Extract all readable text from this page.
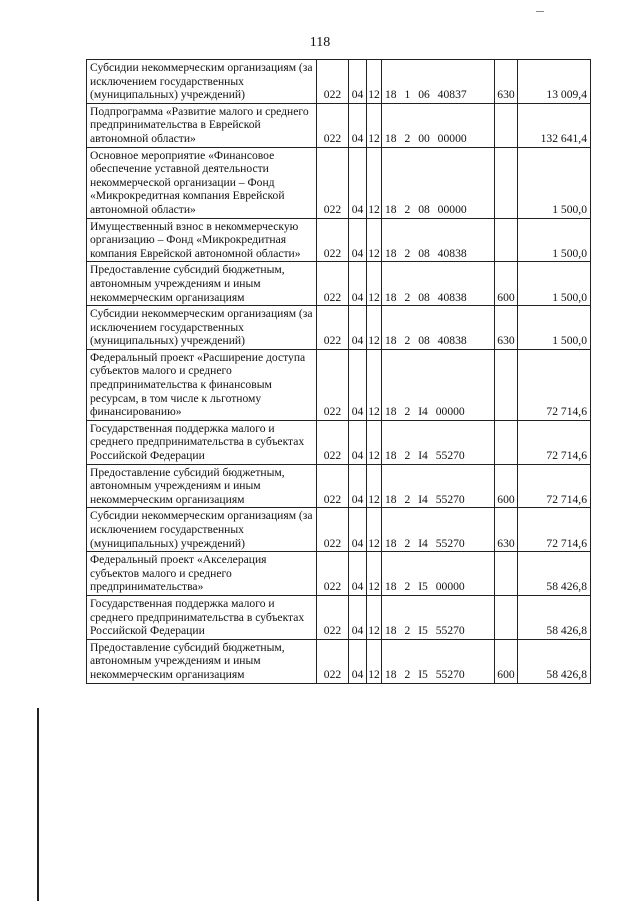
118
Субсидии некоммерческим организациям (за исключением государственных (муниципальных) учреждений)	022	04	12	18 1 06 40837	630	13 009,4
Подпрограмма «Развитие малого и среднего предпринимательства в Еврейской автономной области»	022	04	12	18 2 00 00000		132 641,4
Основное мероприятие «Финансовое обеспечение уставной деятельности некоммерческой организации – Фонд «Микрокредитная компания Еврейской автономной области»	022	04	12	18 2 08 00000		1 500,0
Имущественный взнос в некоммерческую организацию – Фонд «Микрокредитная компания Еврейской автономной области»	022	04	12	18 2 08 40838		1 500,0
Предоставление субсидий бюджетным, автономным учреждениям и иным некоммерческим организациям	022	04	12	18 2 08 40838	600	1 500,0
Субсидии некоммерческим организациям (за исключением государственных (муниципальных) учреждений)	022	04	12	18 2 08 40838	630	1 500,0
Федеральный проект «Расширение доступа субъектов малого и среднего предпринимательства к финансовым ресурсам, в том числе к льготному финансированию»	022	04	12	18 2 I4 00000		72 714,6
Государственная поддержка малого и среднего предпринимательства в субъектах Российской Федерации	022	04	12	18 2 I4 55270		72 714,6
Предоставление субсидий бюджетным, автономным учреждениям и иным некоммерческим организациям	022	04	12	18 2 I4 55270	600	72 714,6
Субсидии некоммерческим организациям (за исключением государственных (муниципальных) учреждений)	022	04	12	18 2 I4 55270	630	72 714,6
Федеральный проект «Акселерация субъектов малого и среднего предпринимательства»	022	04	12	18 2 I5 00000		58 426,8
Государственная поддержка малого и среднего предпринимательства в субъектах Российской Федерации	022	04	12	18 2 I5 55270		58 426,8
Предоставление субсидий бюджетным, автономным учреждениям и иным некоммерческим организациям	022	04	12	18 2 I5 55270	600	58 426,8
